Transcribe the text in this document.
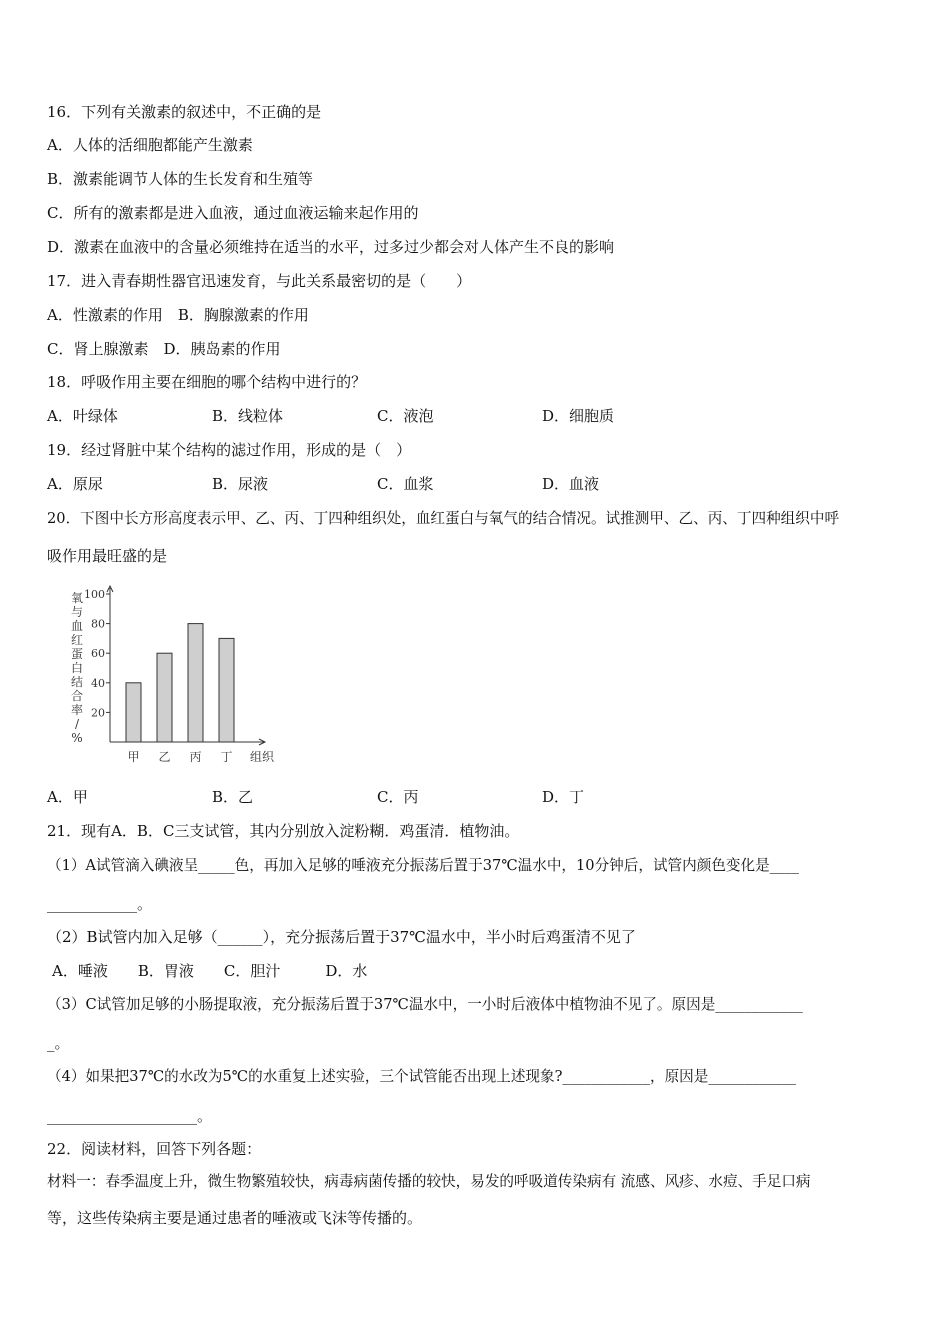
16．下列有关激素的叙述中，不正确的是
A．人体的活细胞都能产生激素
B．激素能调节人体的生长发育和生殖等
C．所有的激素都是进入血液，通过血液运输来起作用的
D．激素在血液中的含量必须维持在适当的水平，过多过少都会对人体产生不良的影响
17．进入青春期性器官迅速发育，与此关系最密切的是（　　）
A．性激素的作用　B．胸腺激素的作用
C．肾上腺激素　D．胰岛素的作用
18．呼吸作用主要在细胞的哪个结构中进行的？
A．叶绿体	B．线粒体	C．液泡	D．细胞质
19．经过肾脏中某个结构的滤过作用，形成的是（　）
A．原尿	B．尿液	C．血浆	D．血液
20．下图中长方形高度表示甲、乙、丙、丁四种组织处，血红蛋白与氧气的结合情况。试推测甲、乙、丙、丁四种组织中呼
吸作用最旺盛的是
氧
与
血
红
蛋
白
结
合
率
/
%
20
40
60
80
100
甲 乙 丙 丁 组织
A．甲	B．乙	C．丙	D．丁
21．现有A．B．C三支试管，其内分别放入淀粉糊．鸡蛋清．植物油。
（1）A试管滴入碘液呈_____色，再加入足够的唾液充分振荡后置于37℃温水中，10分钟后，试管内颜色变化是____
____________。
（2）B试管内加入足够（______），充分振荡后置于37℃温水中，半小时后鸡蛋清不见了
A．唾液　　B．胃液　　C．胆汁　　　D．水
（3）C试管加足够的小肠提取液，充分振荡后置于37℃温水中，一小时后液体中植物油不见了。原因是____________
_。
（4）如果把37℃的水改为5℃的水重复上述实验，三个试管能否出现上述现象?____________，原因是____________
____________________。
22．阅读材料，回答下列各题：
材料一：春季温度上升，微生物繁殖较快，病毒病菌传播的较快，易发的呼吸道传染病有 流感、风疹、水痘、手足口病
等，这些传染病主要是通过患者的唾液或飞沫等传播的。
